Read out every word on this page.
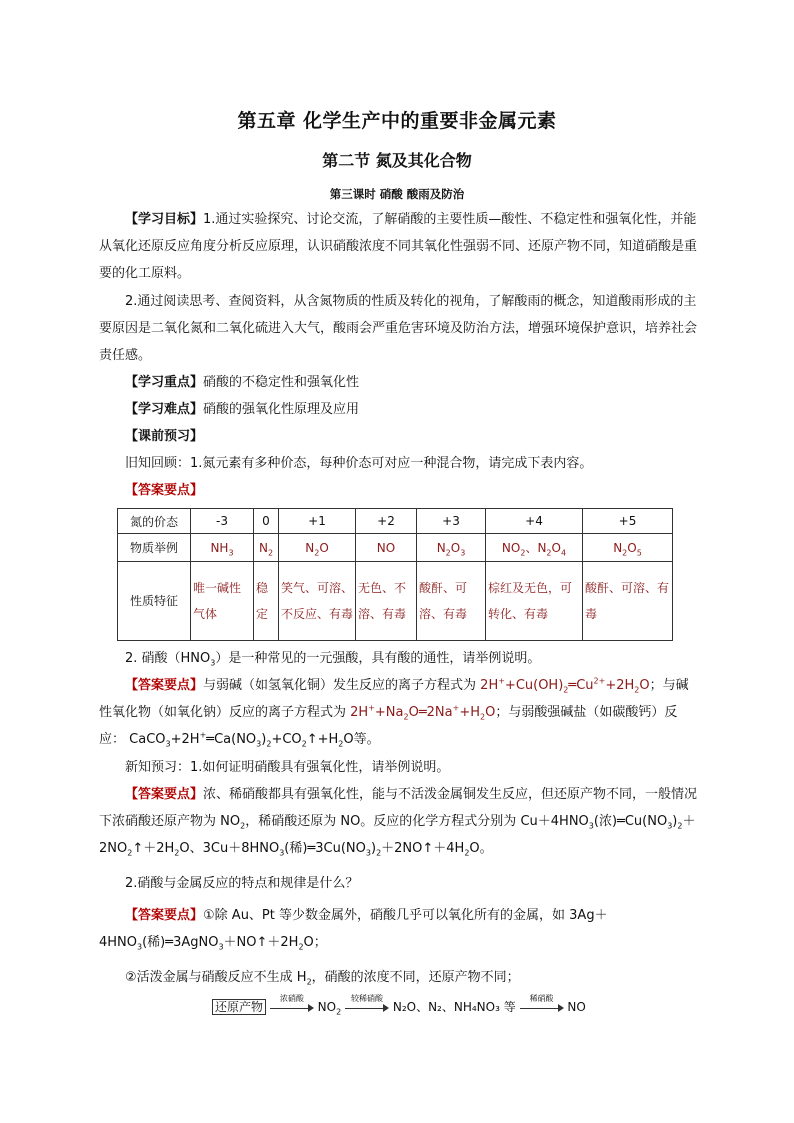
第五章 化学生产中的重要非金属元素
第二节 氮及其化合物
第三课时 硝酸 酸雨及防治
【学习目标】1.通过实验探究、讨论交流，了解硝酸的主要性质—酸性、不稳定性和强氧化性，并能从氧化还原反应角度分析反应原理，认识硝酸浓度不同其氧化性强弱不同、还原产物不同，知道硝酸是重要的化工原料。
2.通过阅读思考、查阅资料，从含氮物质的性质及转化的视角，了解酸雨的概念，知道酸雨形成的主要原因是二氧化氮和二氧化硫进入大气，酸雨会严重危害环境及防治方法，增强环境保护意识，培养社会责任感。
【学习重点】硝酸的不稳定性和强氧化性
【学习难点】硝酸的强氧化性原理及应用
【课前预习】
旧知回顾：1.氮元素有多种价态，每种价态可对应一种混合物，请完成下表内容。
【答案要点】
氮的价态	-3	0	+1	+2	+3	+4	+5
物质举例	$NH_3$	$N_2$	$N_2O$	NO	$N_2O_3$	$NO_2$、$N_2O_4$	$N_2O_5$
性质特征	唯一碱性气体	稳定	笑气、可溶、不反应、有毒	无色、不溶、有毒	酸酐、可溶、有毒	棕红及无色，可转化、有毒	酸酐、可溶、有毒
2. 硝酸$(HNO_3)$是一种常见的一元强酸，具有酸的通性，请举例说明。
【答案要点】与弱碱（如氢氧化铜）发生反应的离子方程式为 $2H^++Cu(OH)_2═Cu^{2+}+2H_2O$；与碱性氧化物（如氧化钠）反应的离子方程式为 $2H^++Na_2O═2Na^++H_2O$；与弱酸强碱盐（如碳酸钙）反应： $CaCO_3+2H^+═Ca(NO_3)_2+CO_2↑+H_2O$等。
新知预习：1.如何证明硝酸具有强氧化性，请举例说明。
【答案要点】浓、稀硝酸都具有强氧化性，能与不活泼金属铜发生反应，但还原产物不同，一般情况下浓硝酸还原产物为 $NO_2$，稀硝酸还原为 NO。反应的化学方程式分别为 $Cu+4HNO_3$(浓)$═Cu(NO_3)_2+2NO_2↑+2H_2O$、$3Cu+8HNO_3$(稀)$═3Cu(NO_3)_2+2NO↑+4H_2O$。
2.硝酸与金属反应的特点和规律是什么？
【答案要点】①除 Au、Pt 等少数金属外，硝酸几乎可以氧化所有的金属，如 $3Ag+4HNO_3$(稀)$═3AgNO_3+NO↑+2H_2O$；
②活泼金属与硝酸反应不生成 $H_2$，硝酸的浓度不同，还原产物不同；
还原产物
浓硝酸
$NO_2$
较稀硝酸
N₂O、N₂、NH₄NO₃ 等
稀硝酸
NO
